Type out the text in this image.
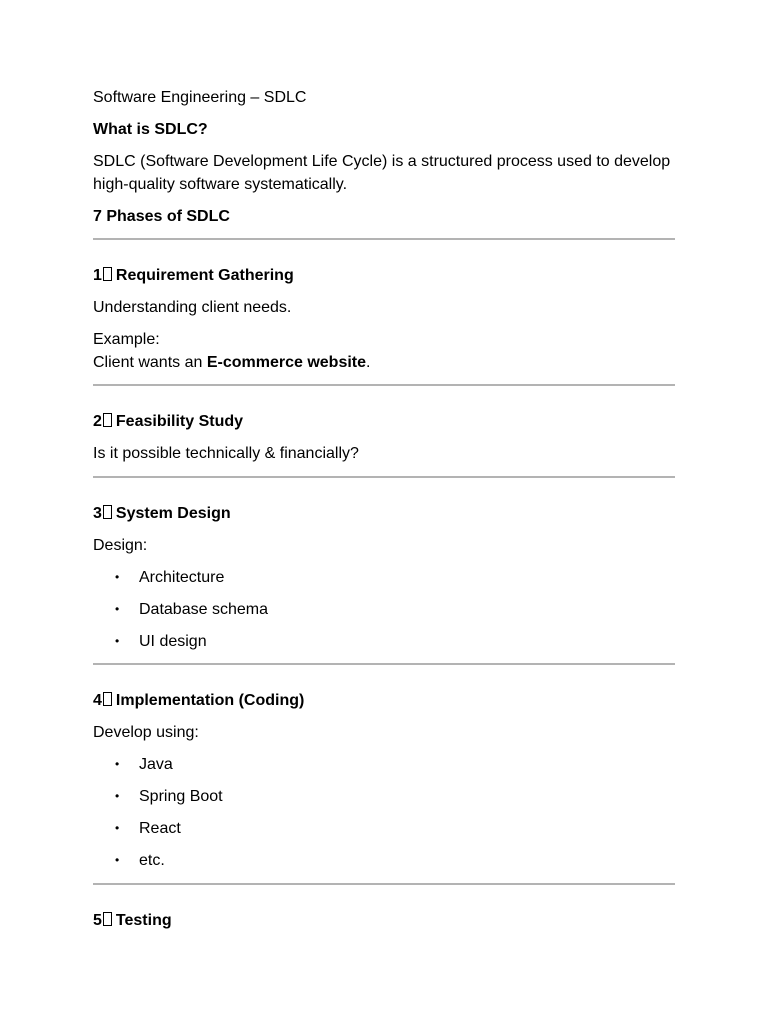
Software Engineering – SDLC

What is SDLC?

SDLC (Software Development Life Cycle) is a structured process used to develop high-quality software systematically.

7 Phases of SDLC

1 Requirement Gathering

Understanding client needs.

Example:

Client wants an E-commerce website.

2 Feasibility Study

Is it possible technically & financially?

3 System Design

Design:

• Architecture
• Database schema
• UI design

4 Implementation (Coding)

Develop using:

• Java
• Spring Boot
• React
• etc.

5 Testing
